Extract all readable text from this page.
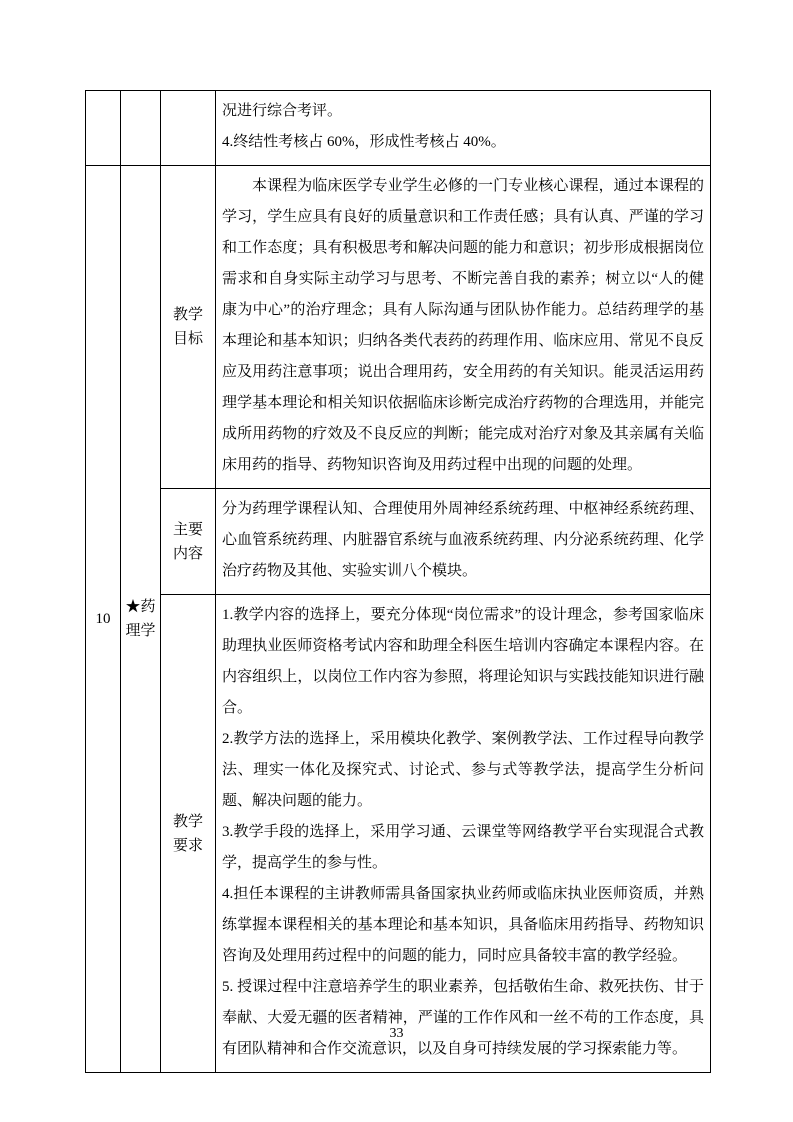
况进行综合考评。

4.终结性考核占 60%，形成性考核占 40%。

10
★药理学
教学目标

本课程为临床医学专业学生必修的一门专业核心课程，通过本课程的学习，学生应具有良好的质量意识和工作责任感；具有认真、严谨的学习和工作态度；具有积极思考和解决问题的能力和意识；初步形成根据岗位需求和自身实际主动学习与思考、不断完善自我的素养；树立以“人的健康为中心”的治疗理念；具有人际沟通与团队协作能力。总结药理学的基本理论和基本知识；归纳各类代表药的药理作用、临床应用、常见不良反应及用药注意事项；说出合理用药，安全用药的有关知识。能灵活运用药理学基本理论和相关知识依据临床诊断完成治疗药物的合理选用，并能完成所用药物的疗效及不良反应的判断；能完成对治疗对象及其亲属有关临床用药的指导、药物知识咨询及用药过程中出现的问题的处理。

主要内容

分为药理学课程认知、合理使用外周神经系统药理、中枢神经系统药理、心血管系统药理、内脏器官系统与血液系统药理、内分泌系统药理、化学治疗药物及其他、实验实训八个模块。

教学要求

1.教学内容的选择上，要充分体现“岗位需求”的设计理念，参考国家临床助理执业医师资格考试内容和助理全科医生培训内容确定本课程内容。在内容组织上，以岗位工作内容为参照，将理论知识与实践技能知识进行融合。

2.教学方法的选择上，采用模块化教学、案例教学法、工作过程导向教学法、理实一体化及探究式、讨论式、参与式等教学法，提高学生分析问题、解决问题的能力。

3.教学手段的选择上，采用学习通、云课堂等网络教学平台实现混合式教学，提高学生的参与性。

4.担任本课程的主讲教师需具备国家执业药师或临床执业医师资质，并熟练掌握本课程相关的基本理论和基本知识，具备临床用药指导、药物知识咨询及处理用药过程中的问题的能力，同时应具备较丰富的教学经验。

5. 授课过程中注意培养学生的职业素养，包括敬佑生命、救死扶伤、甘于奉献、大爱无疆的医者精神，严谨的工作作风和一丝不苟的工作态度，具有团队精神和合作交流意识，以及自身可持续发展的学习探索能力等。

33
